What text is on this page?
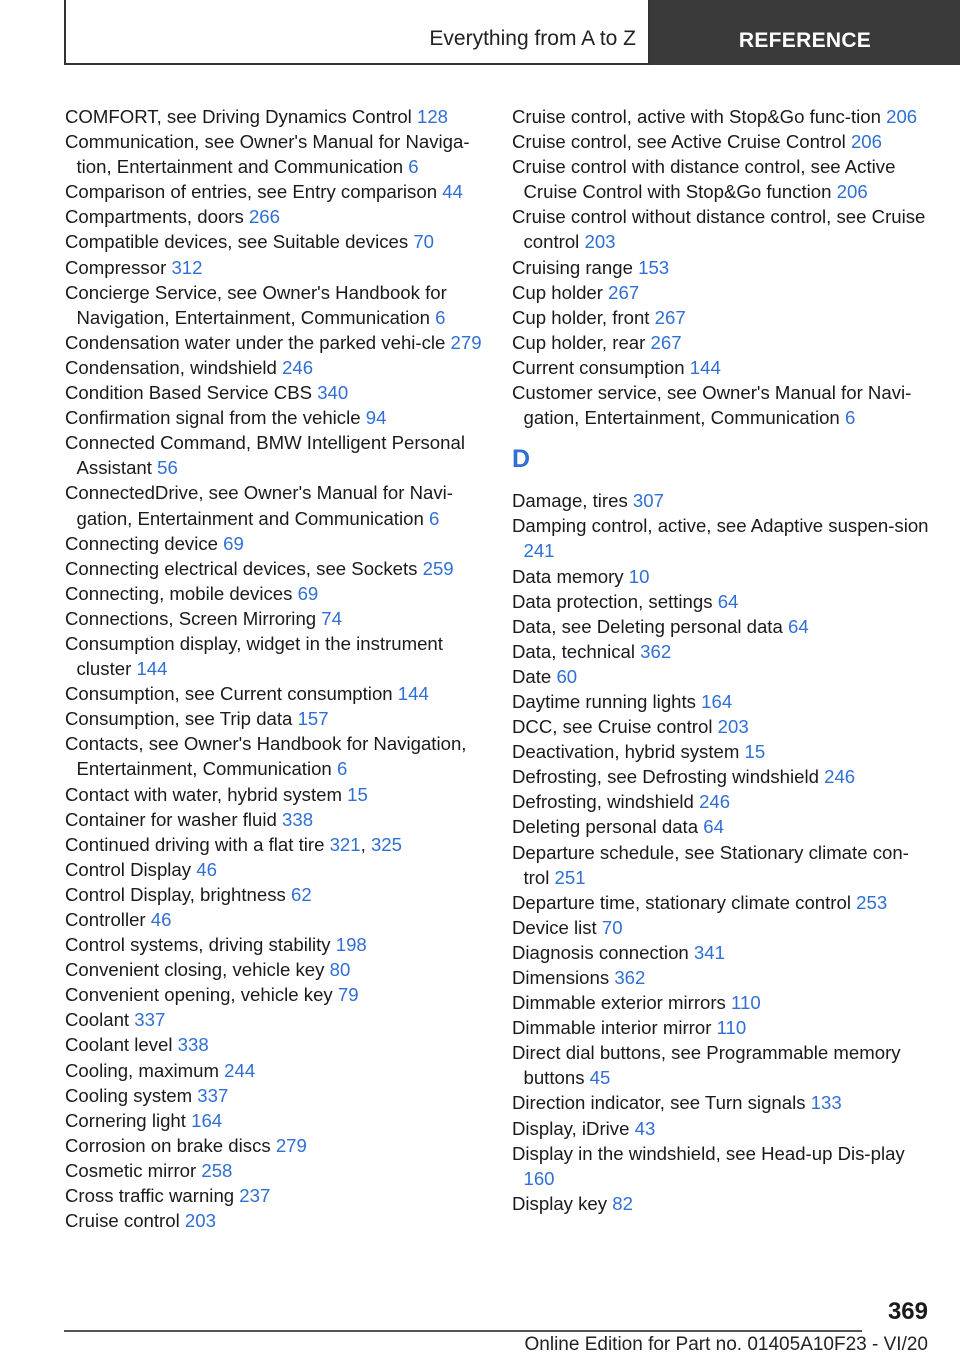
Everything from A to Z	REFERENCE

COMFORT, see Driving Dynamics Control 128

Communication, see Owner's Manual for Naviga-tion, Entertainment and Communication 6

Comparison of entries, see Entry comparison 44

Compartments, doors 266

Compatible devices, see Suitable devices 70

Compressor 312

Concierge Service, see Owner's Handbook for Navigation, Entertainment, Communication 6

Condensation water under the parked vehi-cle 279

Condensation, windshield 246

Condition Based Service CBS 340

Confirmation signal from the vehicle 94

Connected Command, BMW Intelligent Personal Assistant 56

ConnectedDrive, see Owner's Manual for Navi-gation, Entertainment and Communication 6

Connecting device 69

Connecting electrical devices, see Sockets 259

Connecting, mobile devices 69

Connections, Screen Mirroring 74

Consumption display, widget in the instrument cluster 144

Consumption, see Current consumption 144

Consumption, see Trip data 157

Contacts, see Owner's Handbook for Navigation, Entertainment, Communication 6

Contact with water, hybrid system 15

Container for washer fluid 338

Continued driving with a flat tire 321, 325

Control Display 46

Control Display, brightness 62

Controller 46

Control systems, driving stability 198

Convenient closing, vehicle key 80

Convenient opening, vehicle key 79

Coolant 337

Coolant level 338

Cooling, maximum 244

Cooling system 337

Cornering light 164

Corrosion on brake discs 279

Cosmetic mirror 258

Cross traffic warning 237

Cruise control 203

Cruise control, active with Stop&Go func-tion 206

Cruise control, see Active Cruise Control 206

Cruise control with distance control, see Active Cruise Control with Stop&Go function 206

Cruise control without distance control, see Cruise control 203

Cruising range 153

Cup holder 267

Cup holder, front 267

Cup holder, rear 267

Current consumption 144

Customer service, see Owner's Manual for Navi-gation, Entertainment, Communication 6

D

Damage, tires 307

Damping control, active, see Adaptive suspen-sion 241

Data memory 10

Data protection, settings 64

Data, see Deleting personal data 64

Data, technical 362

Date 60

Daytime running lights 164

DCC, see Cruise control 203

Deactivation, hybrid system 15

Defrosting, see Defrosting windshield 246

Defrosting, windshield 246

Deleting personal data 64

Departure schedule, see Stationary climate con-trol 251

Departure time, stationary climate control 253

Device list 70

Diagnosis connection 341

Dimensions 362

Dimmable exterior mirrors 110

Dimmable interior mirror 110

Direct dial buttons, see Programmable memory buttons 45

Direction indicator, see Turn signals 133

Display, iDrive 43

Display in the windshield, see Head-up Dis-play 160

Display key 82

369
Online Edition for Part no. 01405A10F23 - VI/20
